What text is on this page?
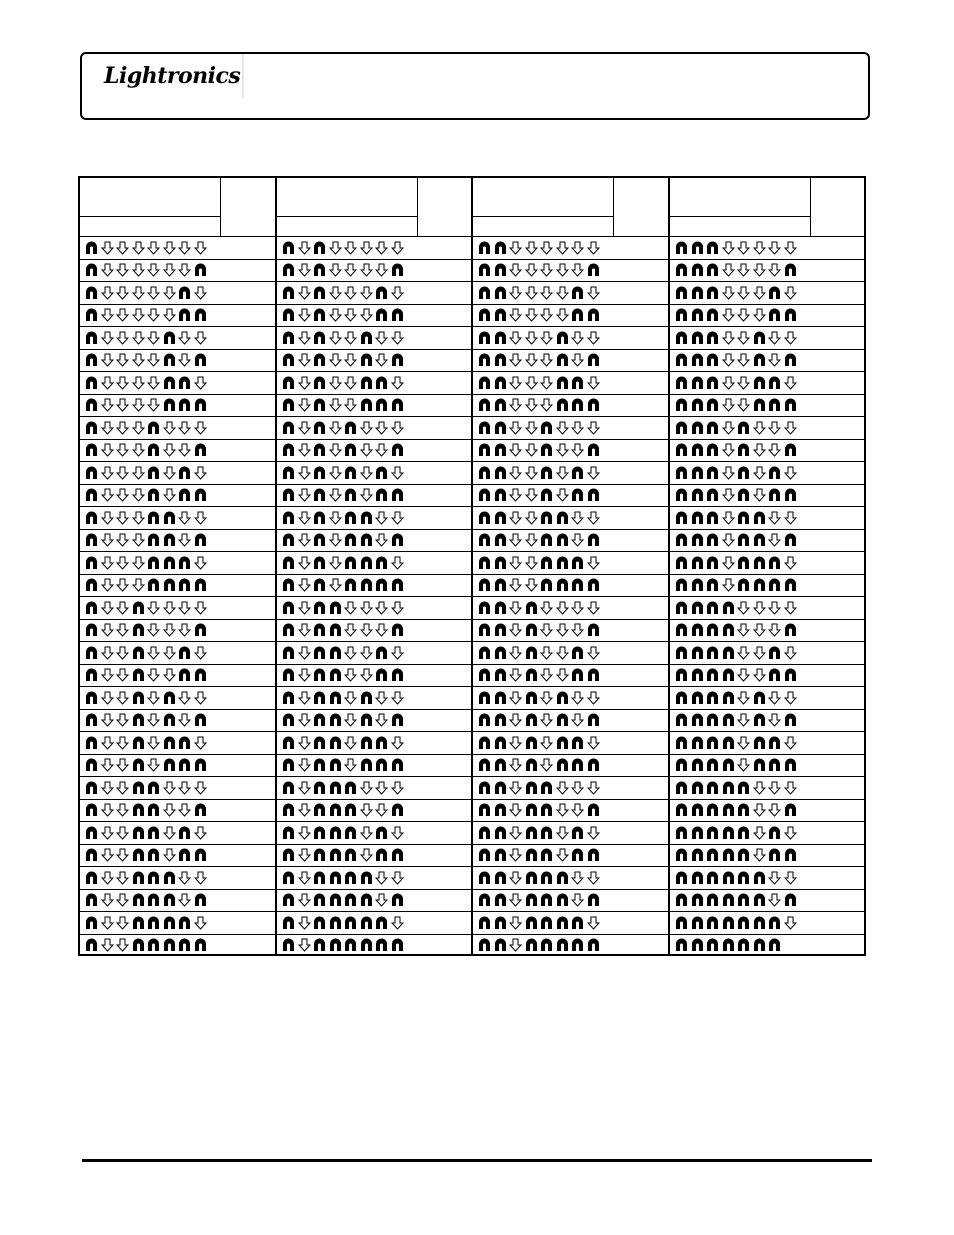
Lightronics
